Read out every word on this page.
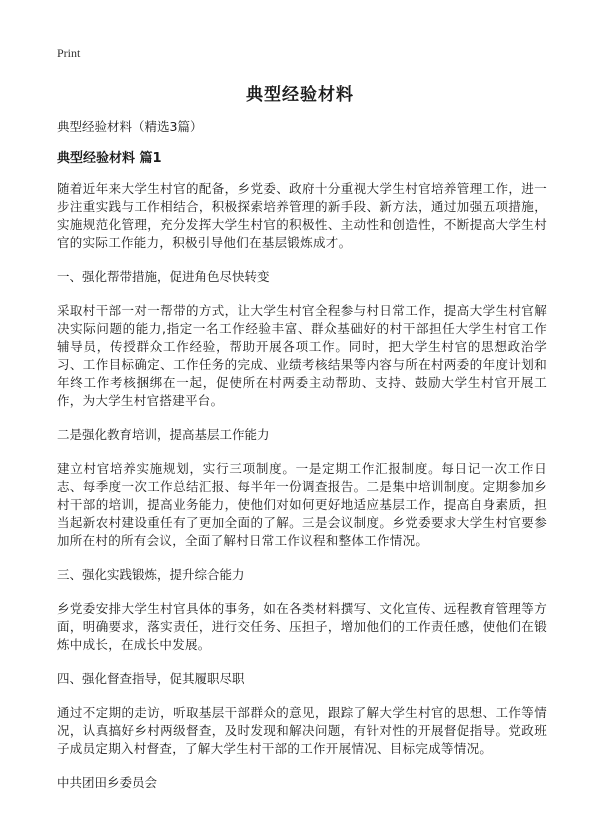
Print
典型经验材料

典型经验材料（精选3篇）

典型经验材料 篇1

随着近年来大学生村官的配备，乡党委、政府十分重视大学生村官培养管理工作，进一步注重实践与工作相结合，积极探索培养管理的新手段、新方法，通过加强五项措施，实施规范化管理，充分发挥大学生村官的积极性、主动性和创造性，不断提高大学生村官的实际工作能力，积极引导他们在基层锻炼成才。

一、强化帮带措施，促进角色尽快转变

采取村干部一对一帮带的方式，让大学生村官全程参与村日常工作，提高大学生村官解决实际问题的能力,指定一名工作经验丰富、群众基础好的村干部担任大学生村官工作辅导员，传授群众工作经验，帮助开展各项工作。同时，把大学生村官的思想政治学习、工作目标确定、工作任务的完成、业绩考核结果等内容与所在村两委的年度计划和年终工作考核捆绑在一起，促使所在村两委主动帮助、支持、鼓励大学生村官开展工作，为大学生村官搭建平台。

二是强化教育培训，提高基层工作能力

建立村官培养实施规划，实行三项制度。一是定期工作汇报制度。每日记一次工作日志、每季度一次工作总结汇报、每半年一份调查报告。二是集中培训制度。定期参加乡村干部的培训，提高业务能力，使他们对如何更好地适应基层工作，提高自身素质，担当起新农村建设重任有了更加全面的了解。三是会议制度。乡党委要求大学生村官要参加所在村的所有会议，全面了解村日常工作议程和整体工作情况。

三、强化实践锻炼，提升综合能力

乡党委安排大学生村官具体的事务，如在各类材料撰写、文化宣传、远程教育管理等方面，明确要求，落实责任，进行交任务、压担子，增加他们的工作责任感，使他们在锻炼中成长，在成长中发展。

四、强化督查指导，促其履职尽职

通过不定期的走访，听取基层干部群众的意见，跟踪了解大学生村官的思想、工作等情况，认真搞好乡村两级督查，及时发现和解决问题，有针对性的开展督促指导。党政班子成员定期入村督查，了解大学生村干部的工作开展情况、目标完成等情况。

中共团田乡委员会
